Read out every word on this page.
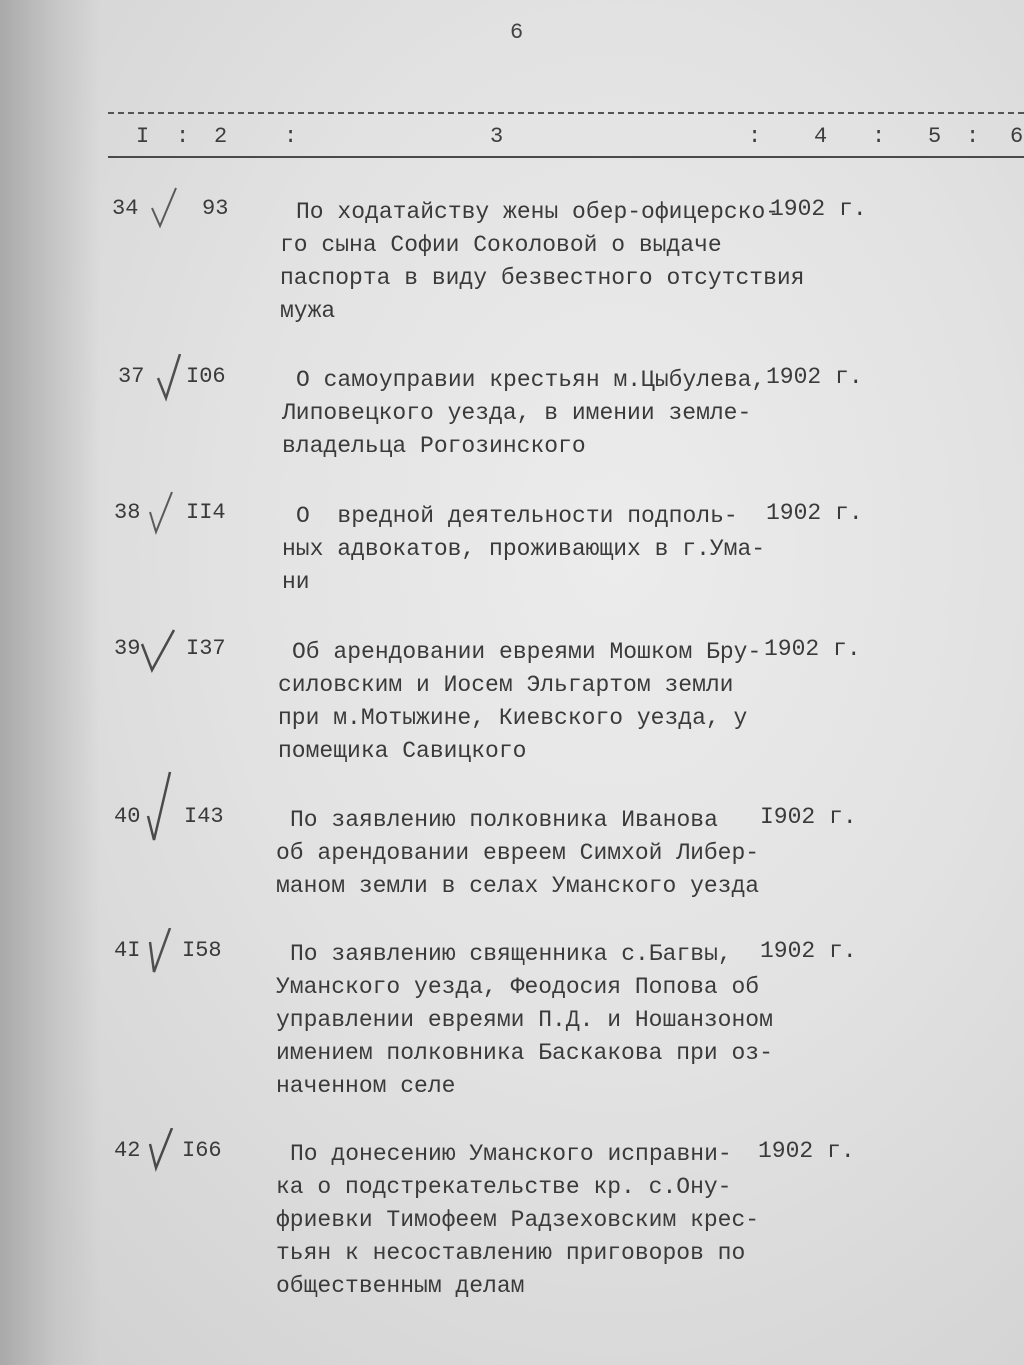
6
I : 2	:	3	: 4 : 5 : 6
34	93	По ходатайству жены обер-офицерско-
го сына Софии Соколовой о выдаче
паспорта в виду безвестного отсутствия
мужа
1902 г.
37 I06	О самоуправии крестьян м.Цыбулева,
Липовецкого уезда, в имении земле-
владельца Рогозинского
1902 г.
38 II4	О  вредной деятельности подполь-
ных адвокатов, проживающих в г.Ума-
ни
1902 г.
39 I37	Об арендовании евреями Мошком Бру-
силовским и Иосем Эльгартом земли
при м.Мотыжине, Киевского уезда, у
помещика Савицкого
1902 г.
40 I43	По заявлению полковника Иванова
об арендовании евреем Симхой Либер-
маном земли в селах Уманского уезда
I902 г.
4I I58	По заявлению священника с.Багвы,
Уманского уезда, Феодосия Попова об
управлении евреями П.Д. и Ношанзоном
имением полковника Баскакова при оз-
наченном селе
1902 г.
42 I66	По донесению Уманского исправни-
ка о подстрекательстве кр. с.Ону-
фриевки Тимофеем Радзеховским крес-
тьян к несоставлению приговоров по
общественным делам
1902 г.
